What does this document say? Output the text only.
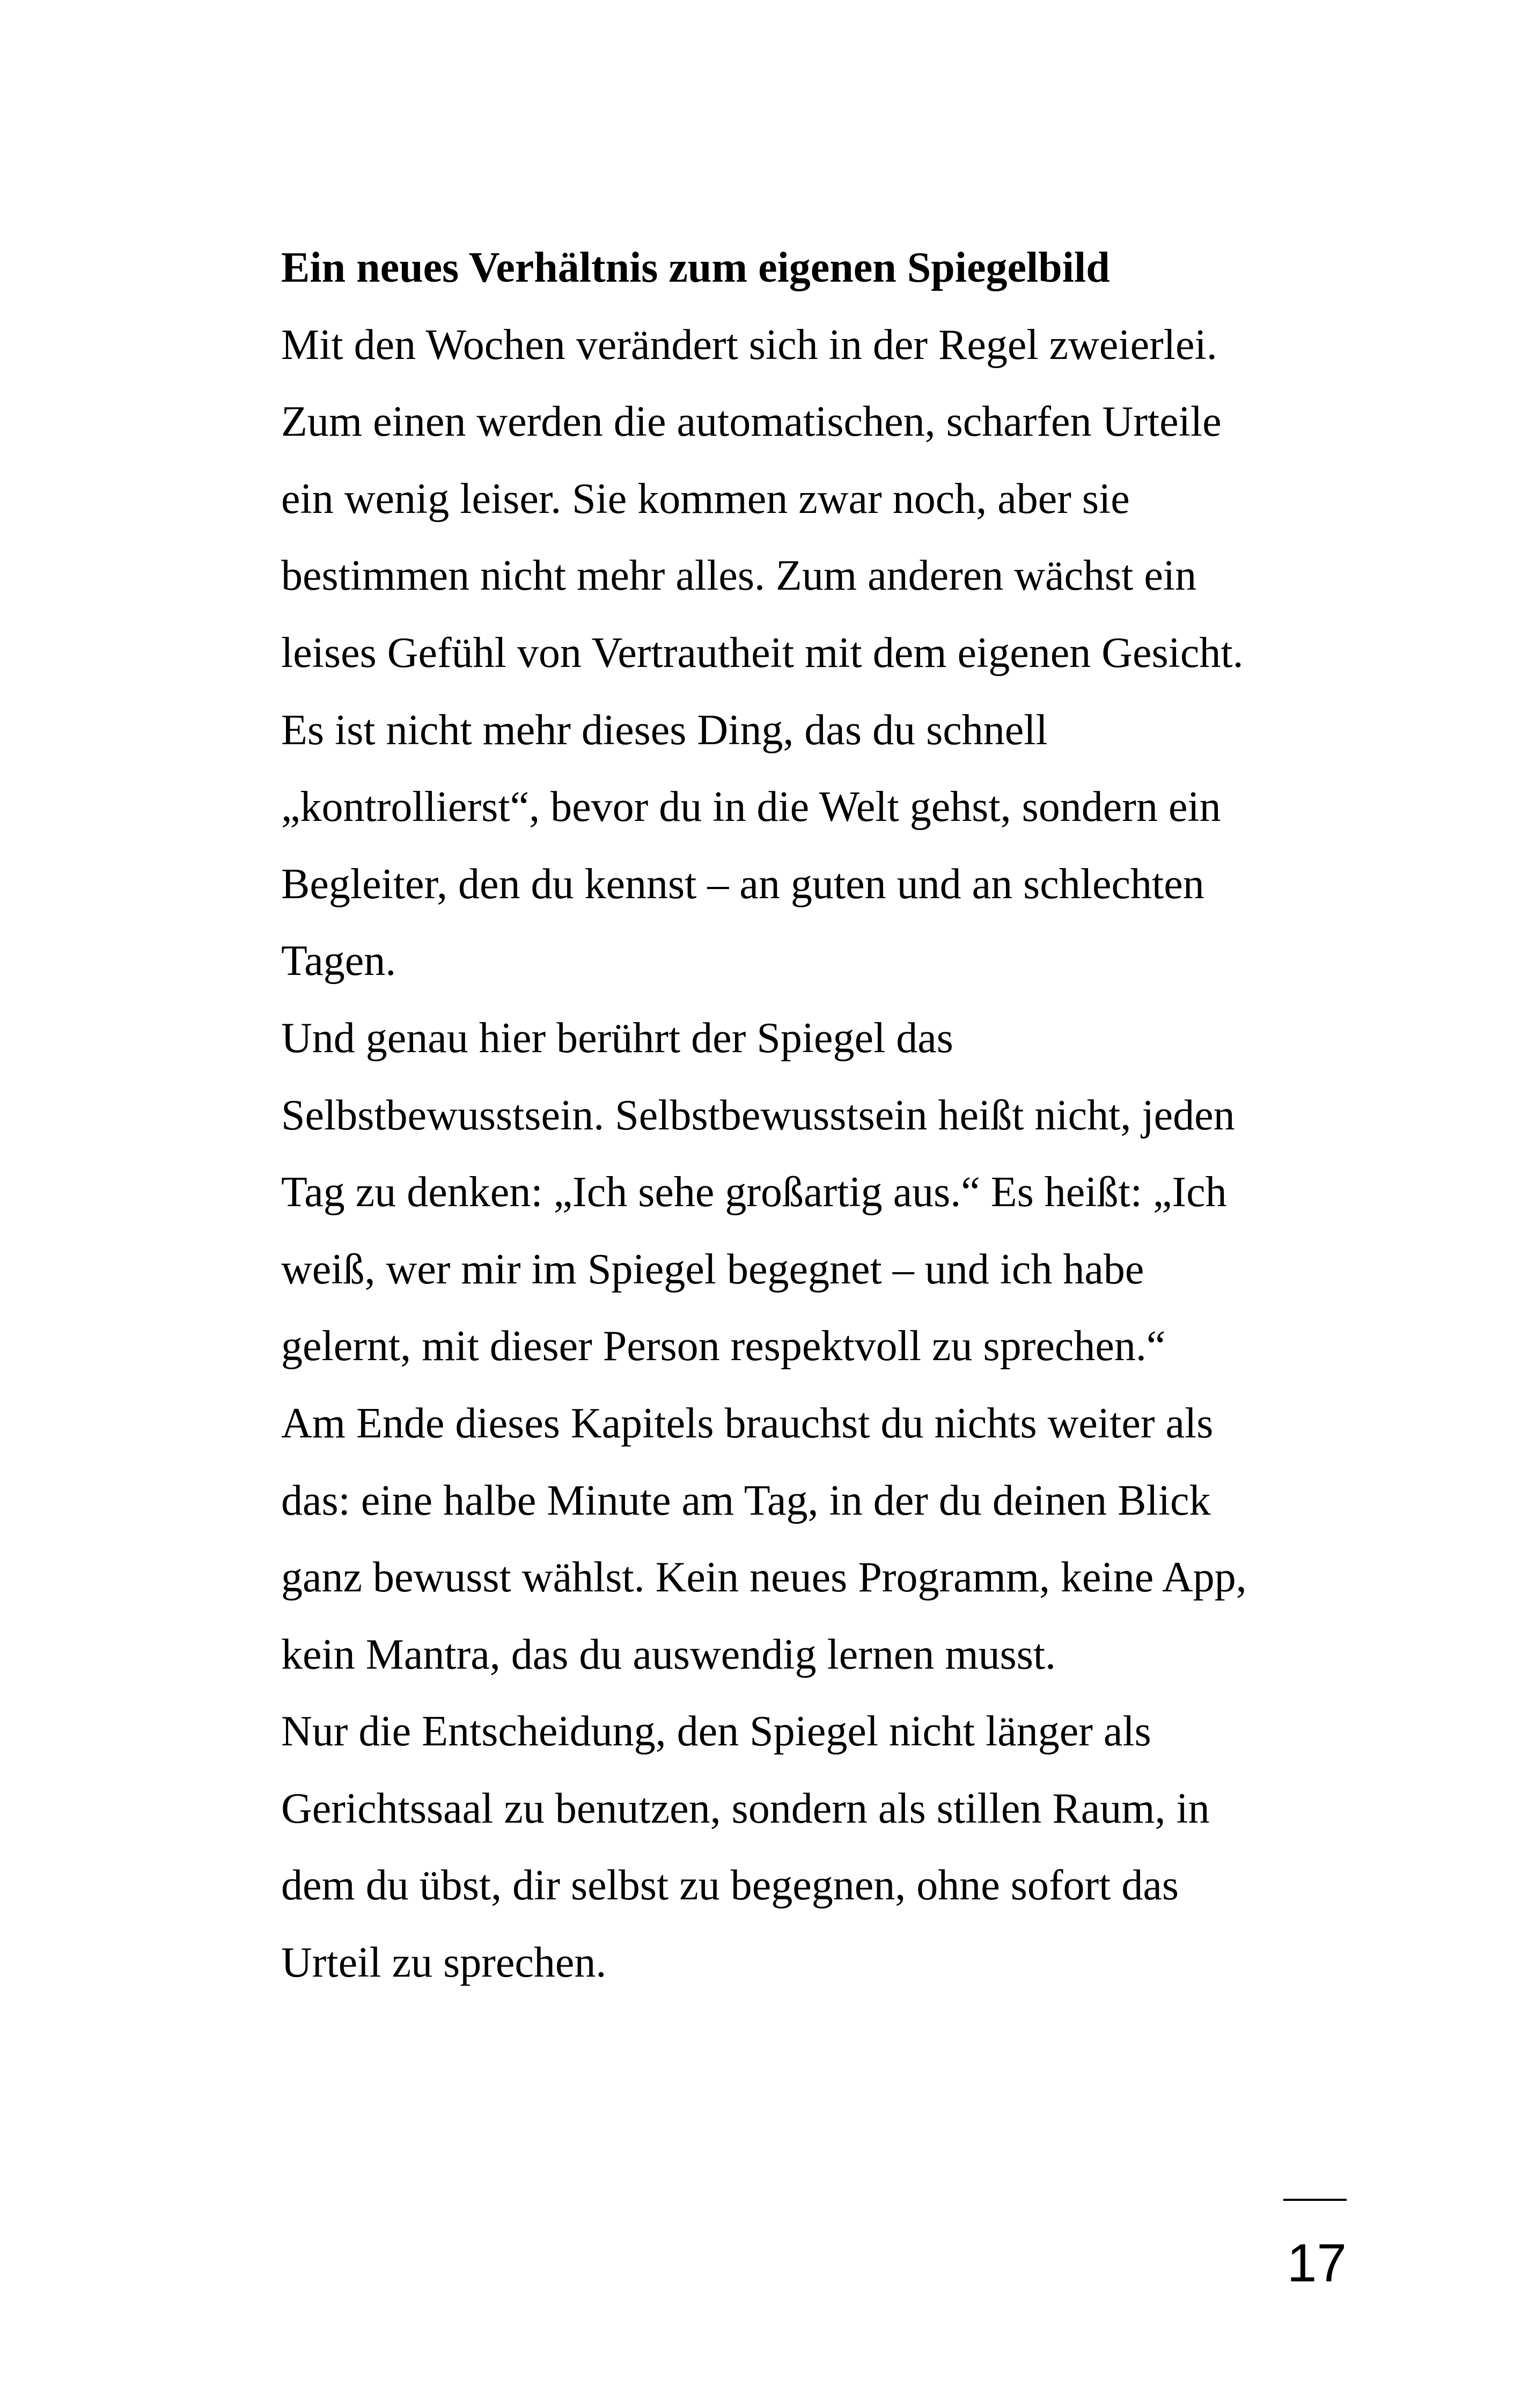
Ein neues Verhältnis zum eigenen Spiegelbild
Mit den Wochen verändert sich in der Regel zweierlei.
Zum einen werden die automatischen, scharfen Urteile
ein wenig leiser. Sie kommen zwar noch, aber sie
bestimmen nicht mehr alles. Zum anderen wächst ein
leises Gefühl von Vertrautheit mit dem eigenen Gesicht.
Es ist nicht mehr dieses Ding, das du schnell
„kontrollierst“, bevor du in die Welt gehst, sondern ein
Begleiter, den du kennst – an guten und an schlechten
Tagen.
Und genau hier berührt der Spiegel das
Selbstbewusstsein. Selbstbewusstsein heißt nicht, jeden
Tag zu denken: „Ich sehe großartig aus.“ Es heißt: „Ich
weiß, wer mir im Spiegel begegnet – und ich habe
gelernt, mit dieser Person respektvoll zu sprechen.“
Am Ende dieses Kapitels brauchst du nichts weiter als
das: eine halbe Minute am Tag, in der du deinen Blick
ganz bewusst wählst. Kein neues Programm, keine App,
kein Mantra, das du auswendig lernen musst.
Nur die Entscheidung, den Spiegel nicht länger als
Gerichtssaal zu benutzen, sondern als stillen Raum, in
dem du übst, dir selbst zu begegnen, ohne sofort das
Urteil zu sprechen.
17
